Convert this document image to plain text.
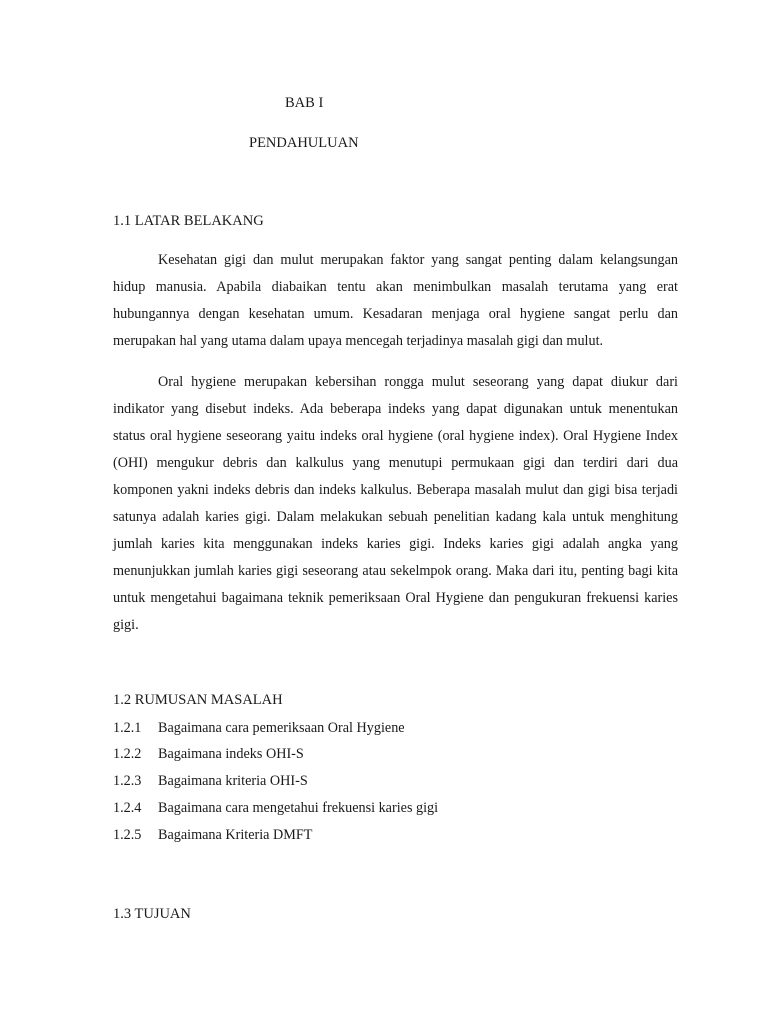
BAB I
PENDAHULUAN
1.1 LATAR BELAKANG

Kesehatan gigi dan mulut merupakan faktor yang sangat penting dalam kelangsungan hidup manusia. Apabila diabaikan tentu akan menimbulkan masalah terutama yang erat hubungannya dengan kesehatan umum. Kesadaran menjaga oral hygiene sangat perlu dan merupakan hal yang utama dalam upaya mencegah terjadinya masalah gigi dan mulut.

Oral hygiene merupakan kebersihan rongga mulut seseorang yang dapat diukur dari indikator yang disebut indeks. Ada beberapa indeks yang dapat digunakan untuk menentukan status oral hygiene seseorang yaitu indeks oral hygiene (oral hygiene index). Oral Hygiene Index (OHI) mengukur debris dan kalkulus yang menutupi permukaan gigi dan terdiri dari dua komponen yakni indeks debris dan indeks kalkulus. Beberapa masalah mulut dan gigi bisa terjadi satunya adalah karies gigi. Dalam melakukan sebuah penelitian kadang kala untuk menghitung jumlah karies kita menggunakan indeks karies gigi. Indeks karies gigi adalah angka yang menunjukkan jumlah karies gigi seseorang atau sekelmpok orang. Maka dari itu, penting bagi kita untuk mengetahui bagaimana teknik pemeriksaan Oral Hygiene dan pengukuran frekuensi karies gigi.

1.2 RUMUSAN MASALAH
1.2.1 Bagaimana cara pemeriksaan Oral Hygiene
1.2.2 Bagaimana indeks OHI-S
1.2.3 Bagaimana kriteria OHI-S
1.2.4 Bagaimana cara mengetahui frekuensi karies gigi
1.2.5 Bagaimana Kriteria DMFT
1.3 TUJUAN
